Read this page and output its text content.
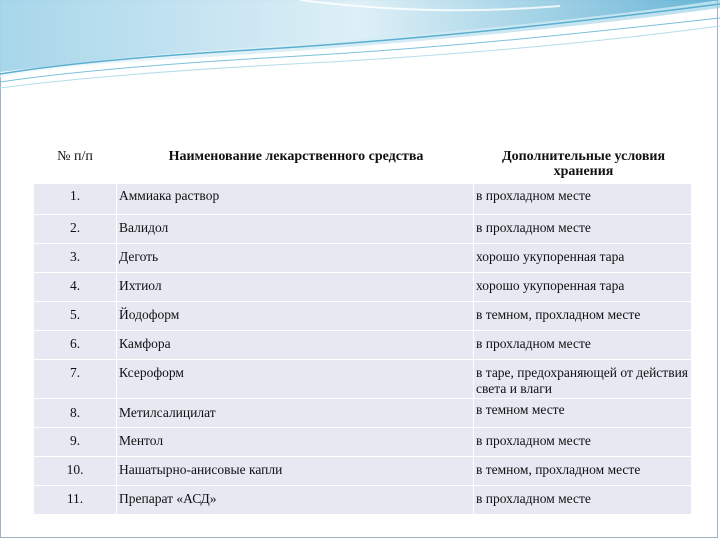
№ п/п	Наименование лекарственного средства	Дополнительные условия хранения
1.	Аммиака раствор	в прохладном месте
2.	Валидол	в прохладном месте
3.	Деготь	хорошо укупоренная тара
4.	Ихтиол	хорошо укупоренная тара
5.	Йодоформ	в темном, прохладном месте
6.	Камфора	в прохладном месте
7.	Ксероформ	в таре, предохраняющей от действия света и влаги
8.	Метилсалицилат	в темном месте
9.	Ментол	в прохладном месте
10.	Нашатырно-анисовые капли	в темном, прохладном месте
11.	Препарат «АСД»	в прохладном месте
